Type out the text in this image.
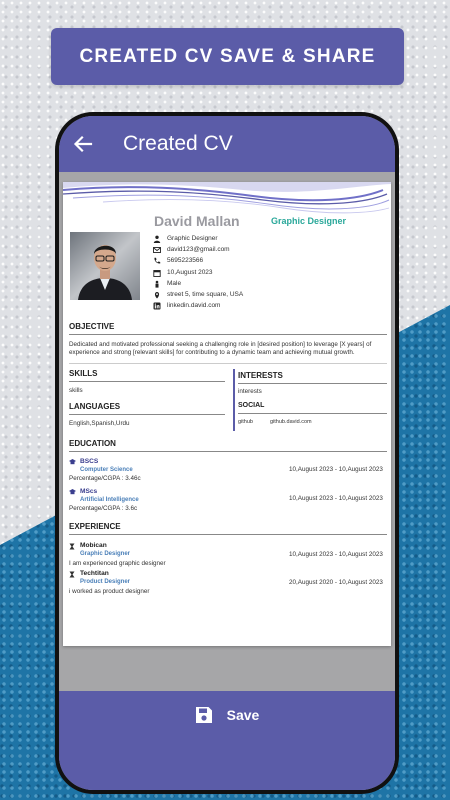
CREATED CV SAVE & SHARE
Created CV
David Mallan	Graphic Designer
Graphic Designer
david123@gmail.com
5695223566
10,August 2023
Male
street 5, time square, USA
linkedin.david.com
OBJECTIVE
Dedicated and motivated professional seeking a challenging role in [desired position] to leverage [X years] of experience and strong [relevant skills] for contributing to a dynamic team and achieving mutual growth.
SKILLS
skills
LANGUAGES
English,Spanish,Urdu
INTERESTS
interests
SOCIAL
github	github.david.com
EDUCATION
BSCS
Computer Science	10,August 2023 - 10,August 2023
Percentage/CGPA : 3.46c
MScs
Artificial Intelligence	10,August 2023 - 10,August 2023
Percentage/CGPA : 3.6c
EXPERIENCE
Mobican
Graphic Designer	10,August 2023 - 10,August 2023
I am experienced graphic designer
Techtitan
Product Designer	20,August 2020 - 10,August 2023
i worked as product designer
Save
